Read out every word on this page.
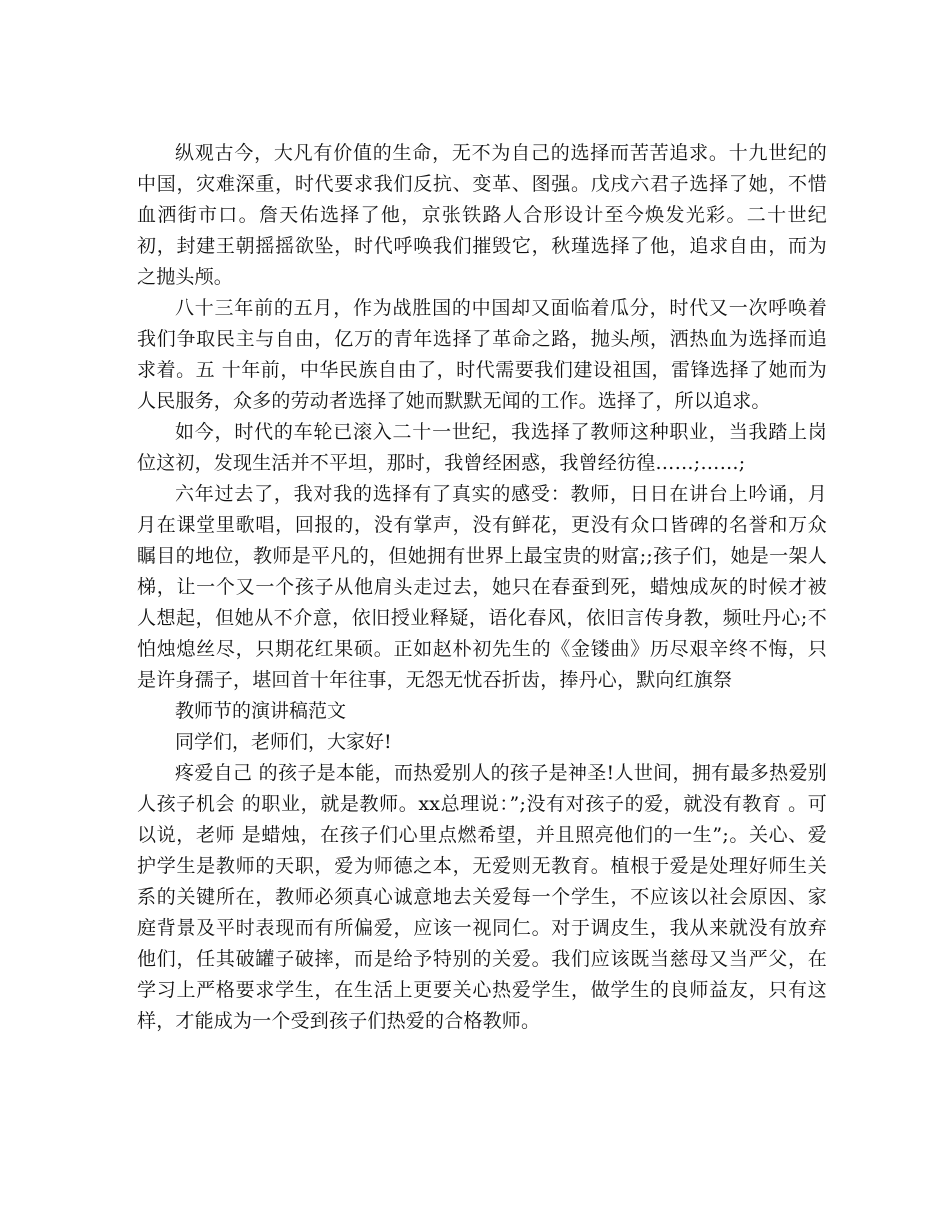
纵观古今，大凡有价值的生命，无不为自己的选择而苦苦追求。十九世纪的中国，灾难深重，时代要求我们反抗、变革、图强。戊戌六君子选择了她，不惜血洒街市口。詹天佑选择了他，京张铁路人合形设计至今焕发光彩。二十世纪初，封建王朝摇摇欲坠，时代呼唤我们摧毁它，秋瑾选择了他，追求自由，而为之抛头颅。

八十三年前的五月，作为战胜国的中国却又面临着瓜分，时代又一次呼唤着我们争取民主与自由，亿万的青年选择了革命之路，抛头颅，洒热血为选择而追求着。五 十年前，中华民族自由了，时代需要我们建设祖国，雷锋选择了她而为人民服务，众多的劳动者选择了她而默默无闻的工作。选择了，所以追求。

如今，时代的车轮已滚入二十一世纪，我选择了教师这种职业，当我踏上岗位这初，发现生活并不平坦，那时，我曾经困惑，我曾经彷徨……;……;

六年过去了，我对我的选择有了真实的感受：教师，日日在讲台上吟诵，月月在课堂里歌唱，回报的，没有掌声，没有鲜花，更没有众口皆碑的名誉和万众瞩目的地位，教师是平凡的，但她拥有世界上最宝贵的财富;;孩子们，她是一架人梯，让一个又一个孩子从他肩头走过去，她只在春蚕到死，蜡烛成灰的时候才被人想起，但她从不介意，依旧授业释疑，语化春风，依旧言传身教，频吐丹心;不怕烛熄丝尽，只期花红果硕。正如赵朴初先生的《金镂曲》历尽艰辛终不悔，只是许身孺子，堪回首十年往事，无怨无忧吞折齿，捧丹心，默向红旗祭

教师节的演讲稿范文

同学们，老师们，大家好!

疼爱自己 的孩子是本能，而热爱别人的孩子是神圣!人世间，拥有最多热爱别人孩子机会 的职业，就是教师。xx总理说：”;没有对孩子的爱，就没有教育 。可以说，老师 是蜡烛，在孩子们心里点燃希望，并且照亮他们的一生”;。关心、爱护学生是教师的天职，爱为师德之本，无爱则无教育。植根于爱是处理好师生关系的关键所在，教师必须真心诚意地去关爱每一个学生，不应该以社会原因、家庭背景及平时表现而有所偏爱，应该一视同仁。对于调皮生，我从来就没有放弃 他们，任其破罐子破摔，而是给予特别的关爱。我们应该既当慈母又当严父，在学习上严格要求学生，在生活上更要关心热爱学生，做学生的良师益友，只有这样，才能成为一个受到孩子们热爱的合格教师。
